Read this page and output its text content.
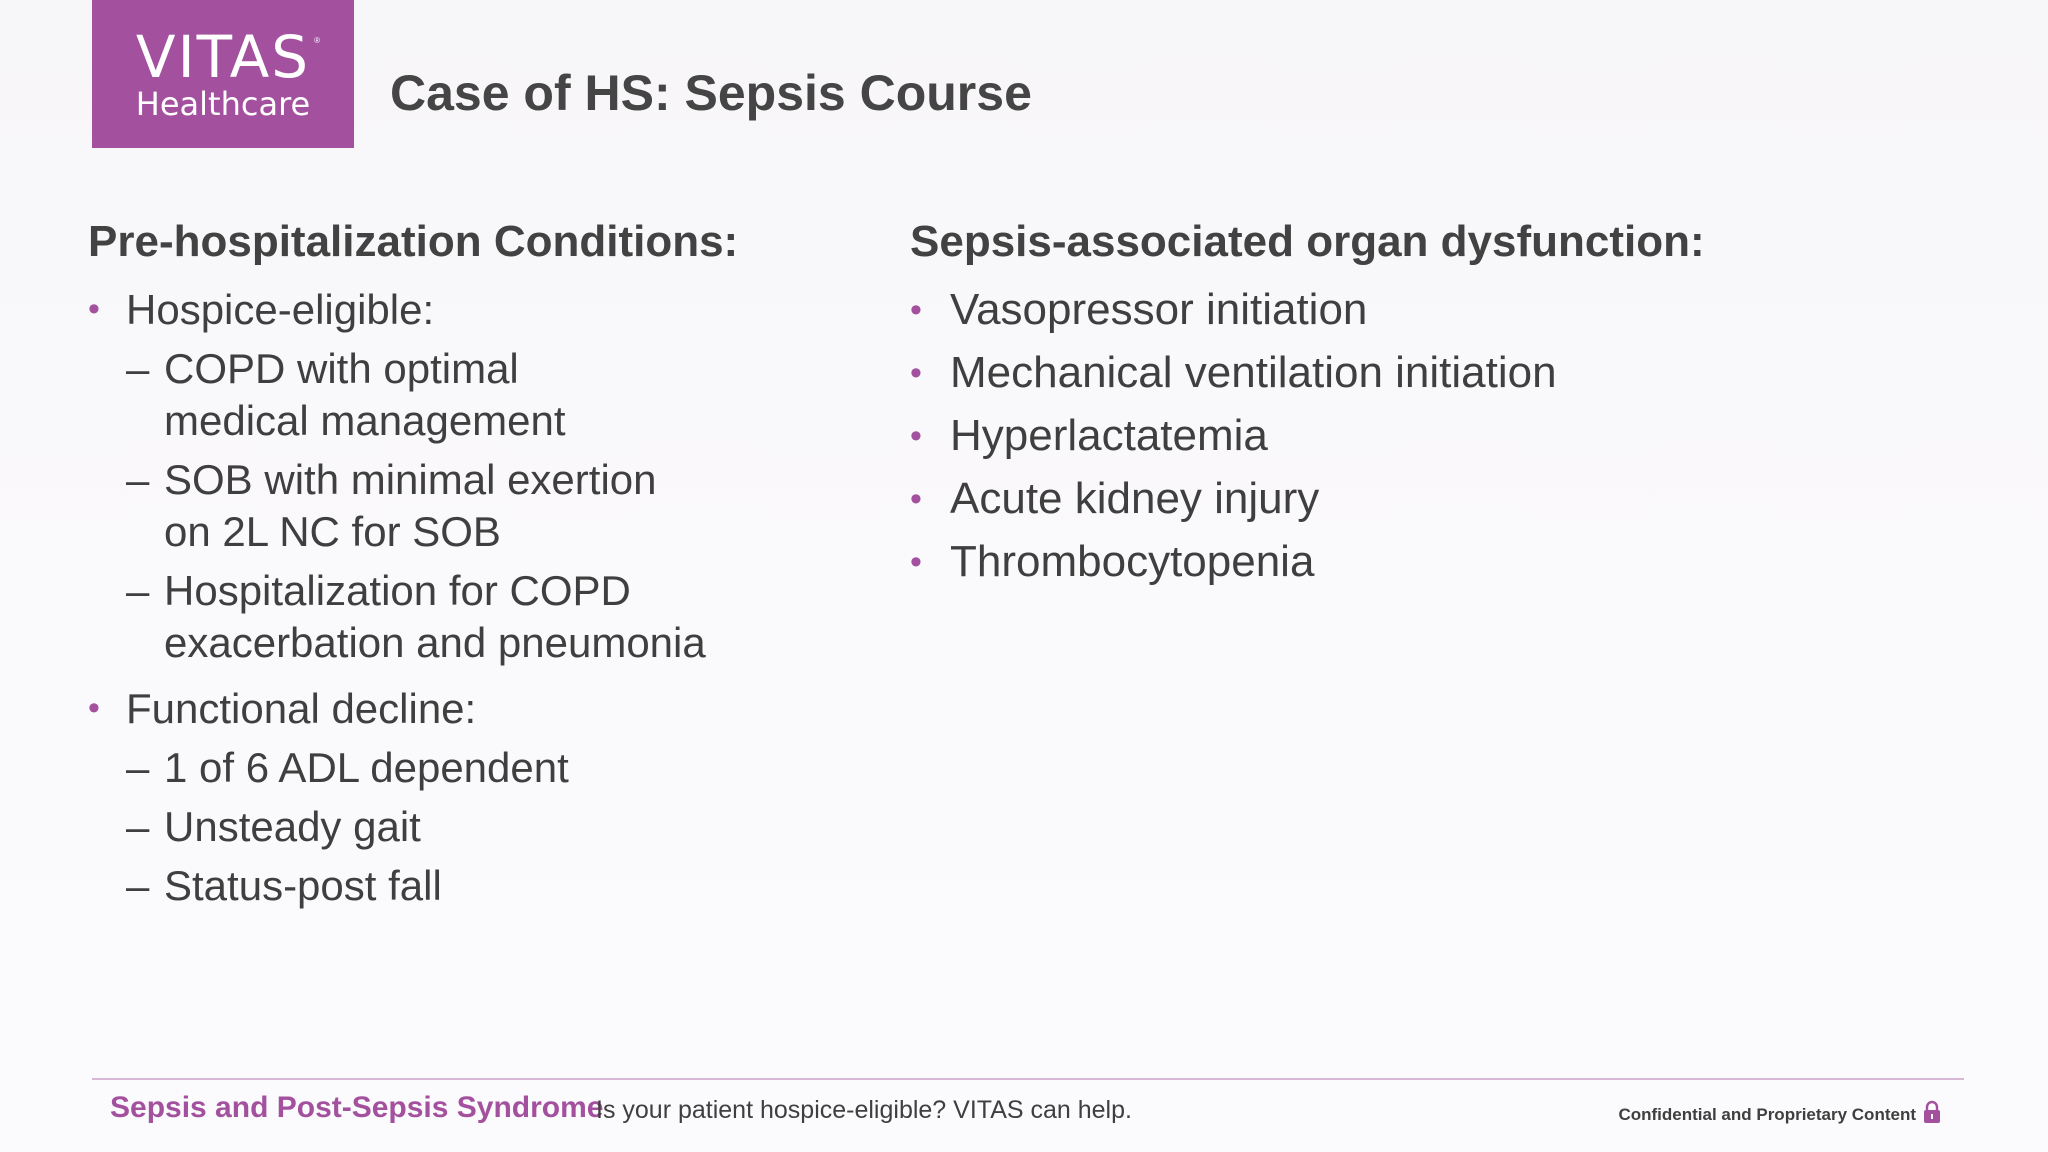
VITAS ®
Healthcare	Case of HS: Sepsis Course
Pre-hospitalization Conditions:
• Hospice-eligible:
– COPD with optimal
medical management
– SOB with minimal exertion
on 2L NC for SOB
– Hospitalization for COPD
exacerbation and pneumonia
• Functional decline:
– 1 of 6 ADL dependent
– Unsteady gait
– Status-post fall
Sepsis-associated organ dysfunction:
• Vasopressor initiation
• Mechanical ventilation initiation
• Hyperlactatemia
• Acute kidney injury
• Thrombocytopenia
Sepsis and Post-Sepsis Syndrome
Is your patient hospice-eligible? VITAS can help.	Confidential and Proprietary Content
